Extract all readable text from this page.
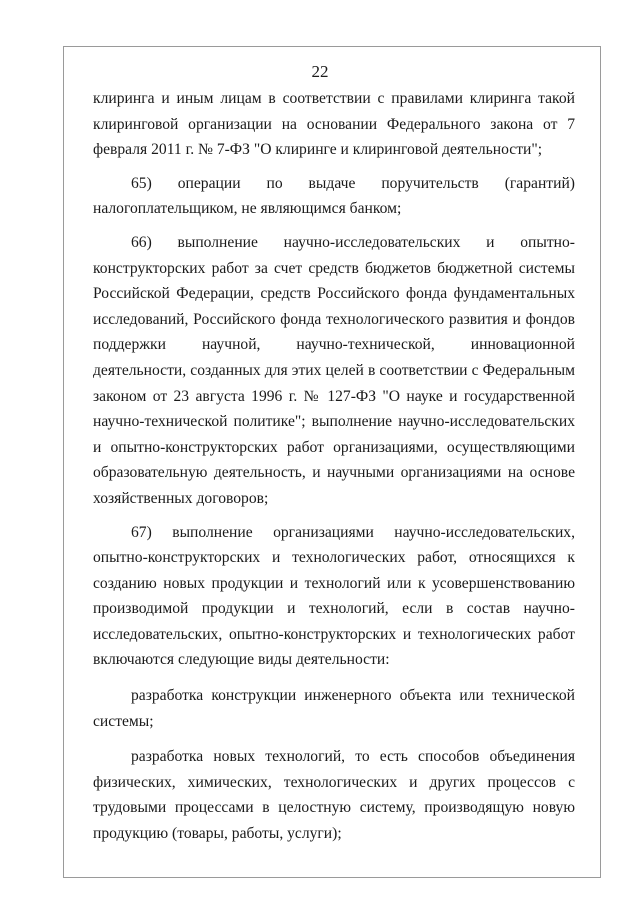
22

клиринга и иным лицам в соответствии с правилами клиринга такой клиринговой организации на основании Федерального закона от 7 февраля 2011 г. № 7-ФЗ "О клиринге и клиринговой деятельности";

65) операции по выдаче поручительств (гарантий) налогоплательщиком, не являющимся банком;

66) выполнение научно-исследовательских и опытно-конструкторских работ за счет средств бюджетов бюджетной системы Российской Федерации, средств Российского фонда фундаментальных исследований, Российского фонда технологического развития и фондов поддержки научной, научно-технической, инновационной деятельности, созданных для этих целей в соответствии с Федеральным законом от 23 августа 1996 г. № 127-ФЗ "О науке и государственной научно-технической политике"; выполнение научно-исследовательских и опытно-конструкторских работ организациями, осуществляющими образовательную деятельность, и научными организациями на основе хозяйственных договоров;

67) выполнение организациями научно-исследовательских, опытно-конструкторских и технологических работ, относящихся к созданию новых продукции и технологий или к усовершенствованию производимой продукции и технологий, если в состав научно-исследовательских, опытно-конструкторских и технологических работ включаются следующие виды деятельности:

разработка конструкции инженерного объекта или технической системы;

разработка новых технологий, то есть способов объединения физических, химических, технологических и других процессов с трудовыми процессами в целостную систему, производящую новую продукцию (товары, работы, услуги);
